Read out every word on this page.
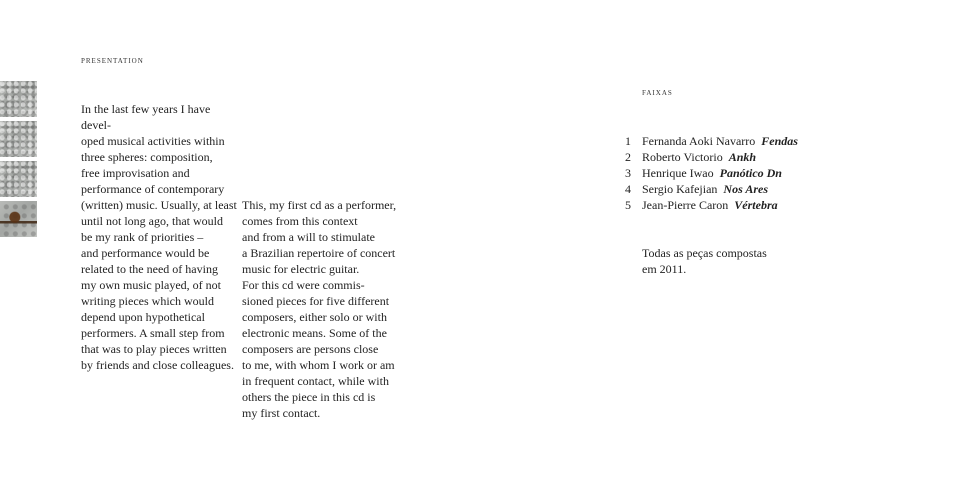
presentation
In the last few years I have devel-
oped musical activities within
three spheres: composition,
free improvisation and
performance of contemporary
(written) music. Usually, at least
until not long ago, that would
be my rank of priorities –
and performance would be
related to the need of having
my own music played, of not
writing pieces which would
depend upon hypothetical
performers. A small step from
that was to play pieces written
by friends and close colleagues.
This, my first cd as a performer,
comes from this context
and from a will to stimulate
a Brazilian repertoire of concert
music for electric guitar.
For this cd were commis-
sioned pieces for five different
composers, either solo or with
electronic means. Some of the
composers are persons close
to me, with whom I work or am
in frequent contact, while with
others the piece in this cd is
my first contact.
faixas
1 Fernanda Aoki Navarro Fendas
2 Roberto Victorio Ankh
3 Henrique Iwao Panótico Dn
4 Sergio Kafejian Nos Ares
5 Jean-Pierre Caron Vértebra
Todas as peças compostas
em 2011.
